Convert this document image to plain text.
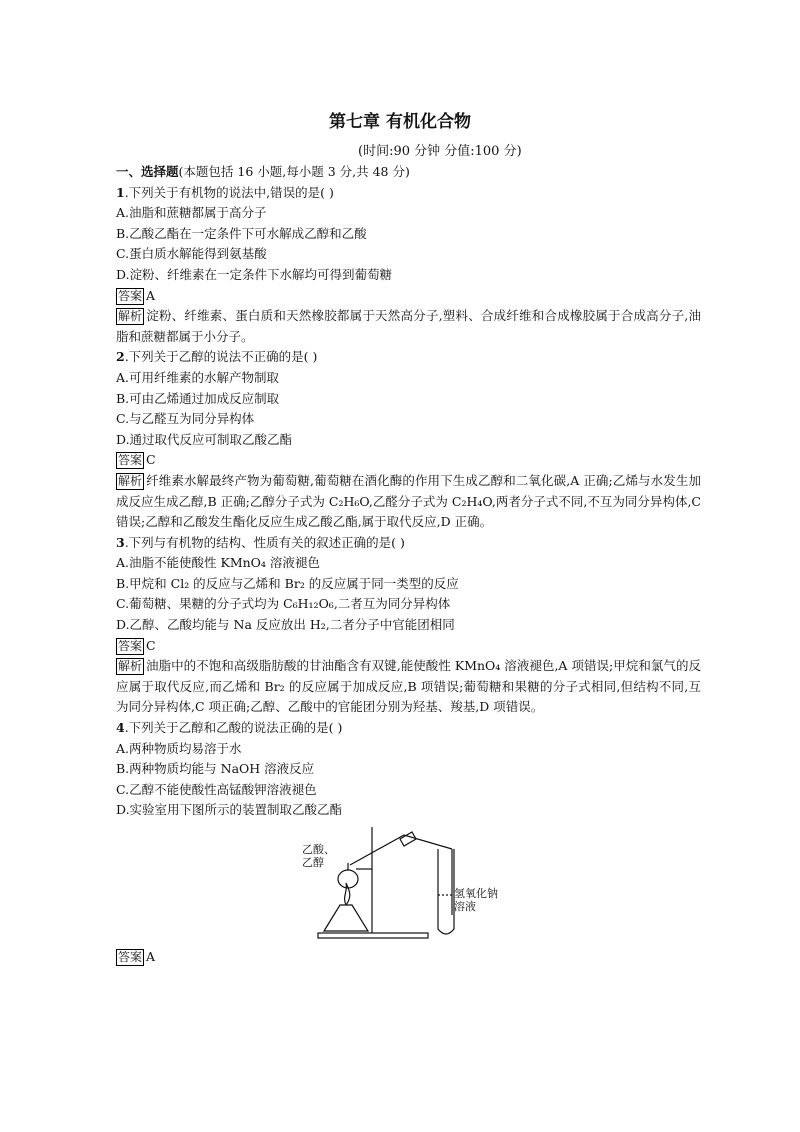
第七章 有机化合物
(时间:90 分钟 分值:100 分)
一、选择题(本题包括 16 小题,每小题 3 分,共 48 分)
1.下列关于有机物的说法中,错误的是( )
A.油脂和蔗糖都属于高分子
B.乙酸乙酯在一定条件下可水解成乙醇和乙酸
C.蛋白质水解能得到氨基酸
D.淀粉、纤维素在一定条件下水解均可得到葡萄糖
答案 A
解析 淀粉、纤维素、蛋白质和天然橡胶都属于天然高分子,塑料、合成纤维和合成橡胶属于合成高分子,油脂和蔗糖都属于小分子。
2.下列关于乙醇的说法不正确的是( )
A.可用纤维素的水解产物制取
B.可由乙烯通过加成反应制取
C.与乙醛互为同分异构体
D.通过取代反应可制取乙酸乙酯
答案 C
解析 纤维素水解最终产物为葡萄糖,葡萄糖在酒化酶的作用下生成乙醇和二氧化碳,A 正确;乙烯与水发生加成反应生成乙醇,B 正确;乙醇分子式为 C₂H₆O,乙醛分子式为 C₂H₄O,两者分子式不同,不互为同分异构体,C 错误;乙醇和乙酸发生酯化反应生成乙酸乙酯,属于取代反应,D 正确。
3.下列与有机物的结构、性质有关的叙述正确的是( )
A.油脂不能使酸性 KMnO₄ 溶液褪色
B.甲烷和 Cl₂ 的反应与乙烯和 Br₂ 的反应属于同一类型的反应
C.葡萄糖、果糖的分子式均为 C₆H₁₂O₆,二者互为同分异构体
D.乙醇、乙酸均能与 Na 反应放出 H₂,二者分子中官能团相同
答案 C
解析 油脂中的不饱和高级脂肪酸的甘油酯含有双键,能使酸性 KMnO₄ 溶液褪色,A 项错误;甲烷和氯气的反应属于取代反应,而乙烯和 Br₂ 的反应属于加成反应,B 项错误;葡萄糖和果糖的分子式相同,但结构不同,互为同分异构体,C 项正确;乙醇、乙酸中的官能团分别为羟基、羧基,D 项错误。
4.下列关于乙醇和乙酸的说法正确的是( )
A.两种物质均易溶于水
B.两种物质均能与 NaOH 溶液反应
C.乙醇不能使酸性高锰酸钾溶液褪色
D.实验室用下图所示的装置制取乙酸乙酯
乙酸、
乙醇
氢氧化钠
溶液
答案 A
